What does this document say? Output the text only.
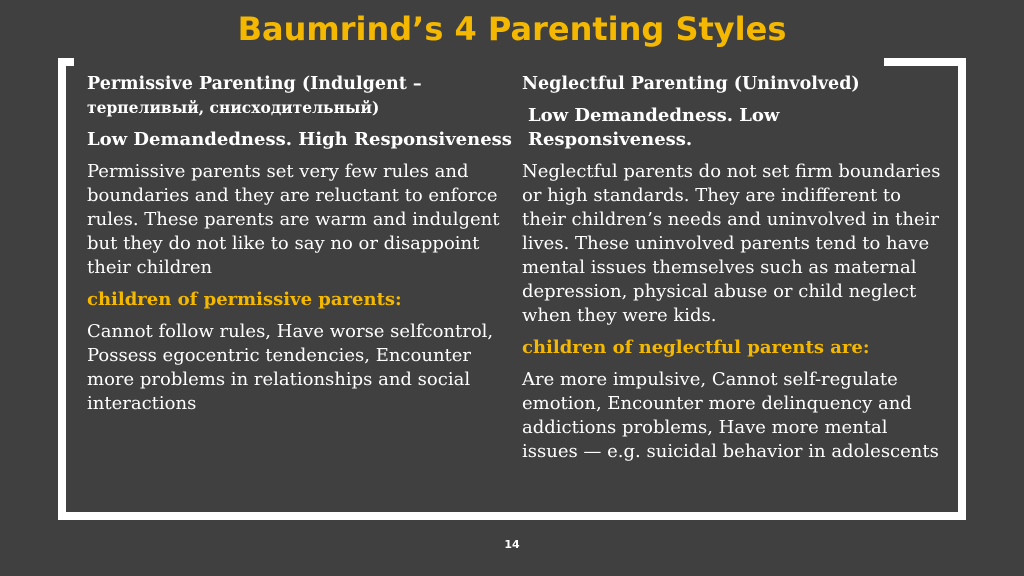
Baumrind’s 4 Parenting Styles

Permissive Parenting (Indulgent –
терпеливый, снисходительный)

Low Demandedness. High Responsiveness

Permissive parents set very few rules and boundaries and they are reluctant to enforce rules. These parents are warm and indulgent but they do not like to say no or disappoint their children

children of permissive parents:

Cannot follow rules, Have worse selfcontrol, Possess egocentric tendencies, Encounter more problems in relationships and social interactions

Neglectful Parenting (Uninvolved)

Low Demandedness. Low Responsiveness.

Neglectful parents do not set firm boundaries or high standards. They are indifferent to their children’s needs and uninvolved in their lives. These uninvolved parents tend to have mental issues themselves such as maternal depression, physical abuse or child neglect when they were kids.

children of neglectful parents are:

Are more impulsive, Cannot self-regulate emotion, Encounter more delinquency and addictions problems, Have more mental issues — e.g. suicidal behavior in adolescents

14
